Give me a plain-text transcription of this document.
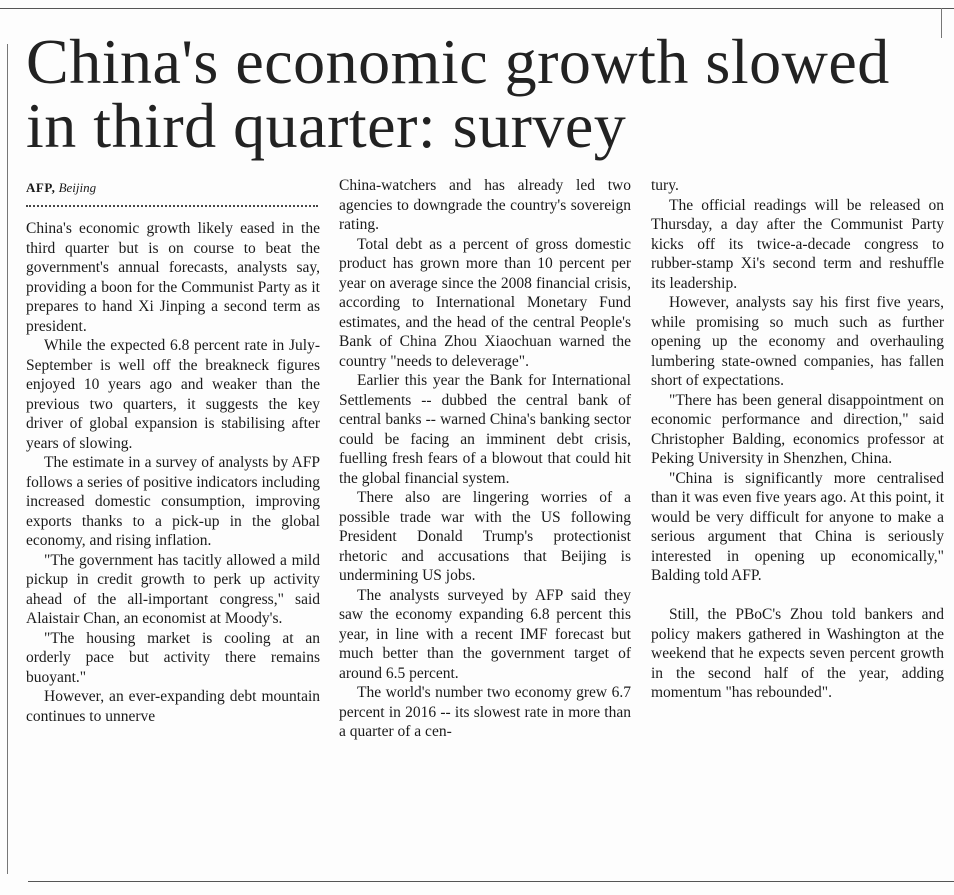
China's economic growth slowed in third quarter: survey
AFP, Beijing

China's economic growth likely eased in the third quarter but is on course to beat the government's annual forecasts, analysts say, providing a boon for the Communist Party as it prepares to hand Xi Jinping a second term as president.

While the expected 6.8 percent rate in July-September is well off the breakneck figures enjoyed 10 years ago and weaker than the previous two quarters, it suggests the key driver of global expansion is stabilising after years of slowing.

The estimate in a survey of analysts by AFP follows a series of positive indicators including increased domestic consumption, improving exports thanks to a pick-up in the global economy, and rising inflation.

"The government has tacitly allowed a mild pickup in credit growth to perk up activity ahead of the all-important congress," said Alaistair Chan, an economist at Moody's.

"The housing market is cooling at an orderly pace but activity there remains buoyant."

However, an ever-expanding debt mountain continues to unnerve

China-watchers and has already led two agencies to downgrade the country's sovereign rating.

Total debt as a percent of gross domestic product has grown more than 10 percent per year on average since the 2008 financial crisis, according to International Monetary Fund estimates, and the head of the central People's Bank of China Zhou Xiaochuan warned the country "needs to deleverage".

Earlier this year the Bank for International Settlements -- dubbed the central bank of central banks -- warned China's banking sector could be facing an imminent debt crisis, fuelling fresh fears of a blowout that could hit the global financial system.

There also are lingering worries of a possible trade war with the US following President Donald Trump's protectionist rhetoric and accusations that Beijing is undermining US jobs.

The analysts surveyed by AFP said they saw the economy expanding 6.8 percent this year, in line with a recent IMF forecast but much better than the government target of around 6.5 percent.

The world's number two economy grew 6.7 percent in 2016 -- its slowest rate in more than a quarter of a cen-

tury.

The official readings will be released on Thursday, a day after the Communist Party kicks off its twice-a-decade congress to rubber-stamp Xi's second term and reshuffle its leadership.

However, analysts say his first five years, while promising so much such as further opening up the economy and overhauling lumbering state-owned companies, has fallen short of expectations.

"There has been general disappointment on economic performance and direction," said Christopher Balding, economics professor at Peking University in Shenzhen, China.

"China is significantly more centralised than it was even five years ago. At this point, it would be very difficult for anyone to make a serious argument that China is seriously interested in opening up economically," Balding told AFP.

Still, the PBoC's Zhou told bankers and policy makers gathered in Washington at the weekend that he expects seven percent growth in the second half of the year, adding momentum "has rebounded".
